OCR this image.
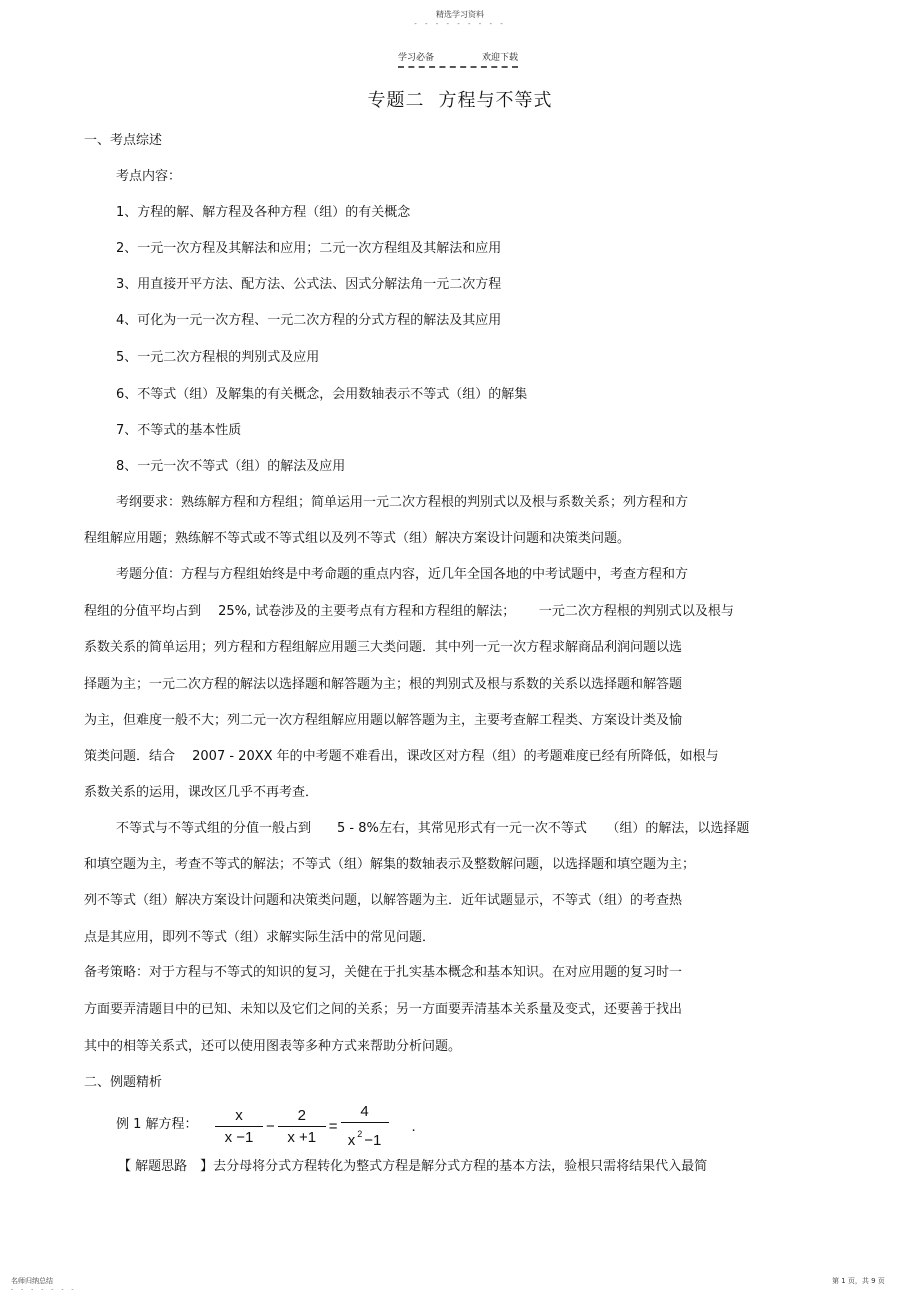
精选学习资料
- - - - - - - - -
学习必备	欢迎下载
专题二 方程与不等式
一、考点综述
考点内容：
1、方程的解、解方程及各种方程（组）的有关概念
2、一元一次方程及其解法和应用；二元一次方程组及其解法和应用
3、用直接开平方法、配方法、公式法、因式分解法角一元二次方程
4、可化为一元一次方程、一元二次方程的分式方程的解法及其应用
5、一元二次方程根的判别式及应用
6、不等式（组）及解集的有关概念，会用数轴表示不等式（组）的解集
7、不等式的基本性质
8、一元一次不等式（组）的解法及应用
考纲要求：熟练解方程和方程组；简单运用一元二次方程根的判别式以及根与系数关系；列方程和方
程组解应用题；熟练解不等式或不等式组以及列不等式（组）解决方案设计问题和决策类问题。
考题分值：方程与方程组始终是中考命题的重点内容，近几年全国各地的中考试题中，考查方程和方
程组的分值平均占到　 25%, 试卷涉及的主要考点有方程和方程组的解法；　　 一元二次方程根的判别式以及根与
系数关系的简单运用；列方程和方程组解应用题三大类问题．其中列一元一次方程求解商品利润问题以选
择题为主；一元二次方程的解法以选择题和解答题为主；根的判别式及根与系数的关系以选择题和解答题
为主，但难度一般不大；列二元一次方程组解应用题以解答题为主，主要考查解工程类、方案设计类及愉
策类问题．结合　 2007 - 20XX 年的中考题不难看出，课改区对方程（组）的考题难度已经有所降低，如根与
系数关系的运用，课改区几乎不再考查．
不等式与不等式组的分值一般占到　　5 - 8%左右，其常见形式有一元一次不等式　　（组）的解法，以选择题
和填空题为主，考查不等式的解法；不等式（组）解集的数轴表示及整数解问题，以选择题和填空题为主；
列不等式（组）解决方案设计问题和决策类问题，以解答题为主．近年试题显示，不等式（组）的考查热
点是其应用，即列不等式（组）求解实际生活中的常见问题．
备考策略：对于方程与不等式的知识的复习，关健在于扎实基本概念和基本知识。在对应用题的复习时一
方面要弄清题目中的已知、未知以及它们之间的关系；另一方面要弄清基本关系量及变式，还要善于找出
其中的相等关系式，还可以使用图表等多种方式来帮助分析问题。
二、例题精析
例 1 解方程： $\frac{x}{x -1} - \frac{2}{x +1} = \frac{4}{x ^2 -1}$ .
【 解题思路　】去分母将分式方程转化为整式方程是解分式方程的基本方法，验根只需将结果代入最简
名师归纳总结
- - - - - - -
第 1 页，共 9 页
